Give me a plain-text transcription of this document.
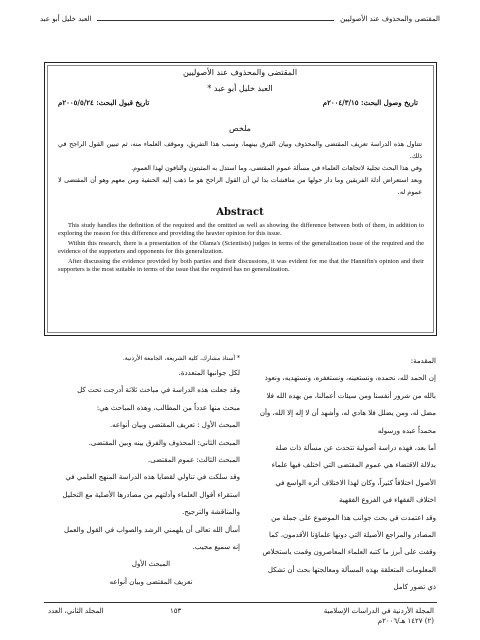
المقتضى والمحذوف عند الأصوليين
العبد خليل أبو عبد
المقتضى والمحذوف عند الأصوليين
العبد خليل أبو عبد *
تاريخ وصول البحث: ٢٠٠٤/٣/١٥م
تاريخ قبول البحث: ٢٠٠٥/٥/٢٤م
ملخص

تتناول هذه الدراسة تعريف المقتضى والمحذوف وبيان الفرق بينهما، وسبب هذا التفريق، وموقف العلماء منه، ثم تبيين القول الراجح في ذلك.

وفي هذا البحث تجلية لاتجاهات العلماء في مسألة عموم المقتضى، وما استدل به المثبتون والنافون لهذا العموم.

وبعد استعراض أدلة الفريقين وما دار حولها من مناقشات بدا لي أن القول الراجح هو ما ذهب إليه الحنفية ومن معهم وهو أن المقتضى لا عموم له.

Abstract

This study handles the definition of the required and the omitted as well as showing the difference between both of them, in addition to exploring the reason for this difference and providing the heavier opinion for this issue.

Within this research, there is a presentation of the Olama's (Scientists) judges in terms of the generalization issue of the required and the evidence of the supporters and opponents for this generalization.

After discussing the evidence provided by both parties and their discussions, it was evident for me that the Hannifin's opinion and their supporters is the most suitable in terms of the issue that the required has no generalization.

المقدمة:

إن الحمد لله، نحمده، ونستعينه، ونستغفره، ونستهديه، ونعوذ بالله من شرور أنفسنا ومن سيئات أعمالنا، من يهده الله فلا مضل له، ومن يضلل فلا هادي له، وأشهد أن لا إله إلا الله، وأن محمداً عبده ورسوله

أما بعد، فهذه دراسة أصولية تتحدث عن مسألة ذات صلة بدلالة الاقتضاء هي عموم المقتضى التي اختلف فيها علماء الأصول اختلافاً كثيراً، وكان لهذا الاختلاف أثره الواسع في اختلاف الفقهاء في الفروع الفقهية

وقد اعتمدت في بحث جوانب هذا الموضوع على جملة من المصادر والمراجع الأصيلة التي دونها علماؤنا الأقدمون، كما وقفت على أبرز ما كتبه العلماء المعاصرون وقمت باستخلاص المعلومات المتعلقة بهذه المسألة ومعالجتها بحث أن تشكل ذي تصور كامل

* أستاذ مشارك، كلية الشريعة، الجامعة الأردنية.

لكل جوانبها المتعددة.

وقد جعلت هذه الدراسة في مباحث ثلاثة أدرجت تحت كل مبحث منها عدداً من المطالب، وهذه المباحث هي:

المبحث الأول : تعريف المقتضى وبيان أنواعه.

المبحث الثاني: المحذوف والفرق بينه وبين المقتضى.

المبحث الثالث: عموم المقتضى.

وقد سلكت في تناولي لقضايا هذه الدراسة المنهج العلمي في استقراء أقوال العلماء وأدلتهم من مصادرها الأصلية مع التحليل والمناقشة والترجيح.

أسأل الله تعالى أن يلهمني الرشد والصواب في القول والعمل إنه سميع مجيب.

المبحث الأول

تعريف المقتضى وبيان أنواعه

المجلد الثاني، العدد	١٥٣	المجلة الأردنية في الدراسات الإسلامية
(٢) ١٤٢٧ هـ/٢٠٠٦م
